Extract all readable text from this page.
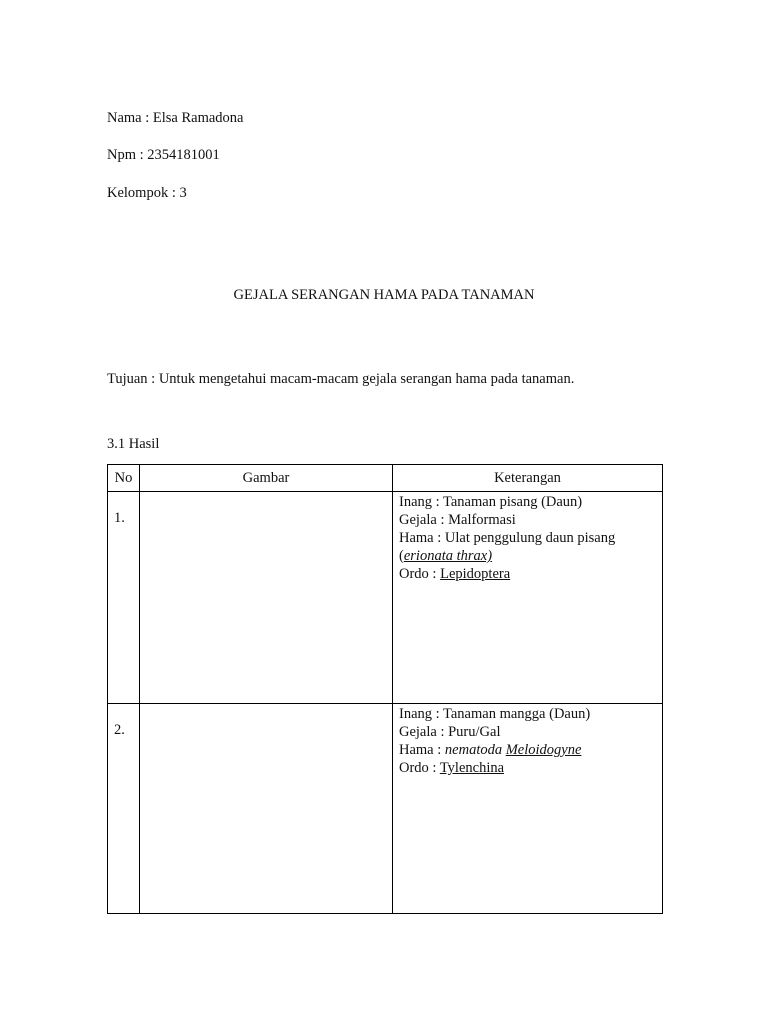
Nama : Elsa Ramadona
Npm : 2354181001
Kelompok : 3
GEJALA SERANGAN HAMA PADA TANAMAN
Tujuan : Untuk mengetahui macam-macam gejala serangan hama pada tanaman.
3.1 Hasil
No	Gambar	Keterangan

1.		Inang : Tanaman pisang (Daun)
Gejala : Malformasi
Hama : Ulat penggulung daun pisang
(erionata thrax)
Ordo : Lepidoptera

2.		Inang : Tanaman mangga (Daun)
Gejala : Puru/Gal
Hama : nematoda Meloidogyne
Ordo : Tylenchina
